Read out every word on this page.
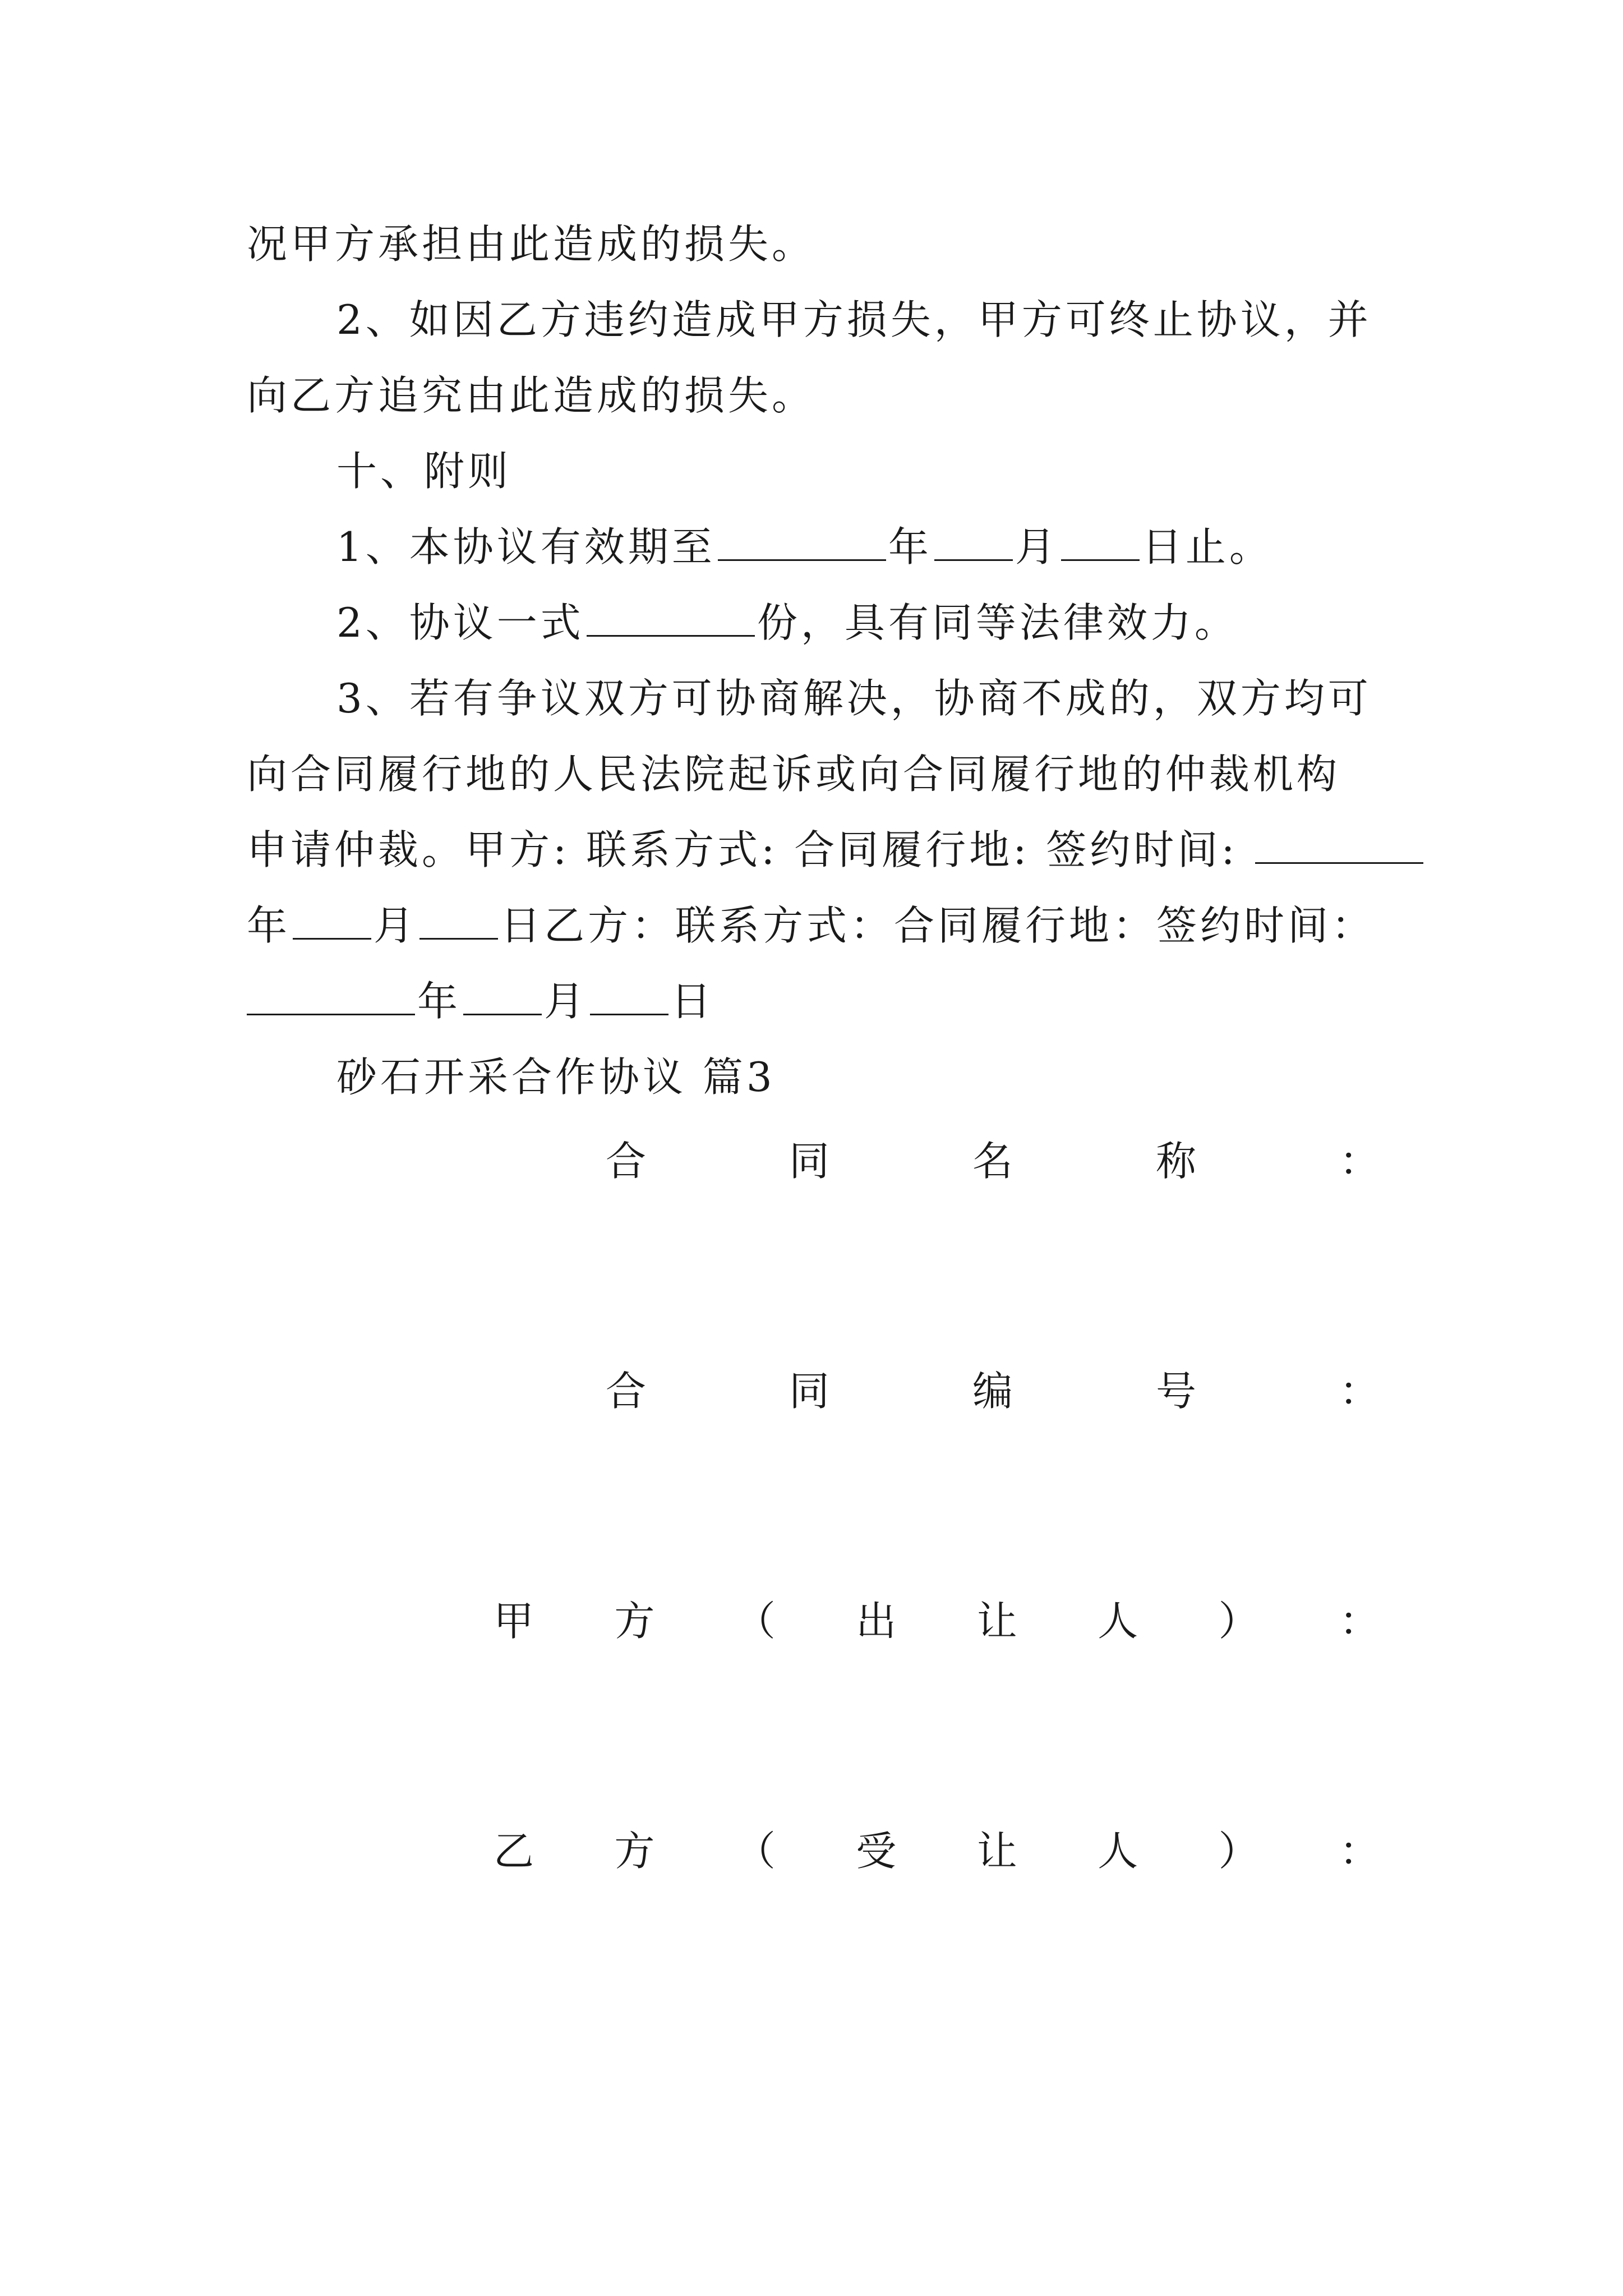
况甲方承担由此造成的损失。
2、如因乙方违约造成甲方损失，甲方可终止协议，并
向乙方追究由此造成的损失。
十、附则
1、本协议有效期至	年 月 日止。
2、协议一式	份，具有同等法律效力。
3、若有争议双方可协商解决，协商不成的，双方均可
向合同履行地的人民法院起诉或向合同履行地的仲裁机构
申请仲裁。甲方: 联系方式: 合同履行地: 签约时间:
年 月 日乙方：联系方式：合同履行地：签约时间：
年 月 日
砂石开采合作协议 篇3
合	同	名	称	：
合	同	编	号	：
甲 方 （ 出 让 人 ） ：
乙 方 （ 受 让 人 ） ：
